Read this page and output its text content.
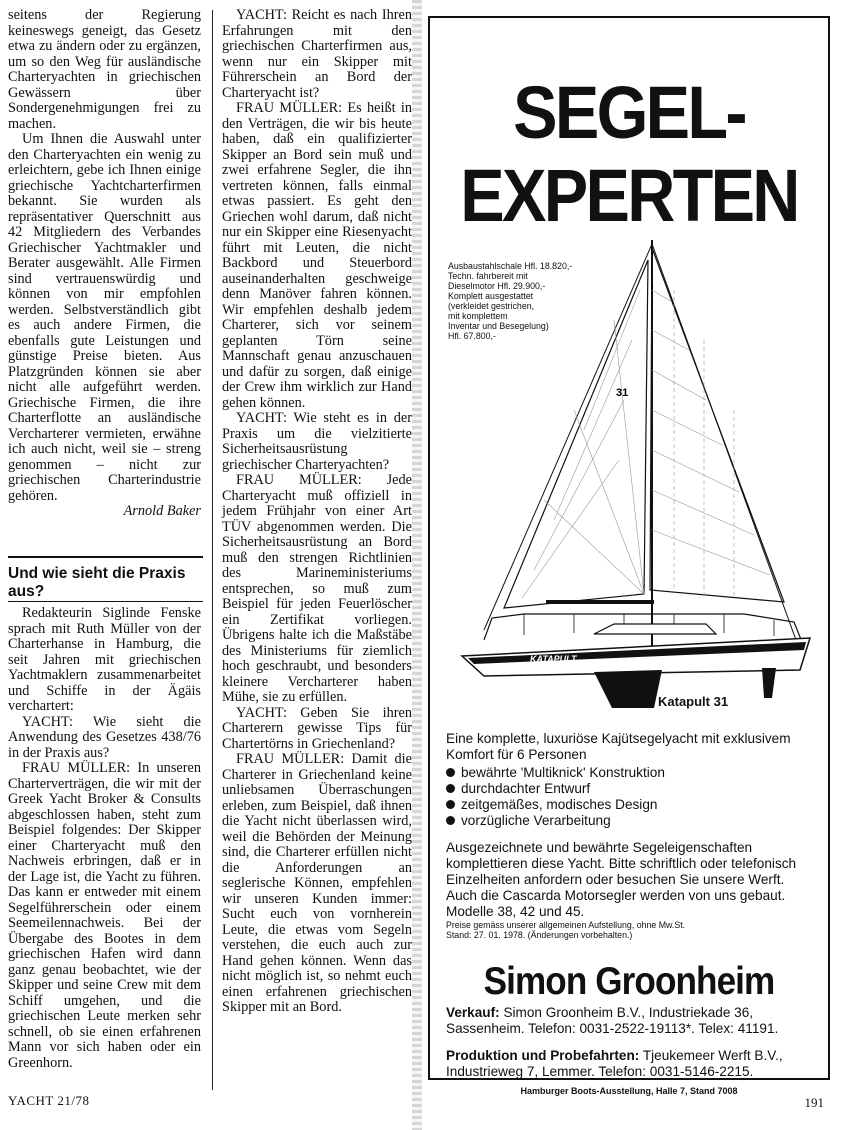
seitens der Regierung keineswegs geneigt, das Gesetz etwa zu ändern oder zu ergänzen, um so den Weg für ausländische Charteryachten in griechischen Gewässern über Sondergenehmigungen frei zu machen.

Um Ihnen die Auswahl unter den Charteryachten ein wenig zu erleichtern, gebe ich Ihnen einige griechische Yachtcharterfirmen bekannt. Sie wurden als repräsentativer Querschnitt aus 42 Mitgliedern des Verbandes Griechischer Yachtmakler und Berater ausgewählt. Alle Firmen sind vertrauenswürdig und können von mir empfohlen werden. Selbstverständlich gibt es auch andere Firmen, die ebenfalls gute Leistungen und günstige Preise bieten. Aus Platzgründen können sie aber nicht alle aufgeführt werden. Griechische Firmen, die ihre Charterflotte an ausländische Vercharterer vermieten, erwähne ich auch nicht, weil sie – streng genommen – nicht zur griechischen Charterindustrie gehören.

Arnold Baker
Und wie sieht die Praxis aus?

Redakteurin Siglinde Fenske sprach mit Ruth Müller von der Charterhanse in Hamburg, die seit Jahren mit griechischen Yachtmaklern zusammenarbeitet und Schiffe in der Ägäis verchartert:

YACHT: Wie sieht die Anwendung des Gesetzes 438/76 in der Praxis aus?

FRAU MÜLLER: In unseren Charterverträgen, die wir mit der Greek Yacht Broker & Consults abgeschlossen haben, steht zum Beispiel folgendes: Der Skipper einer Charteryacht muß den Nachweis erbringen, daß er in der Lage ist, die Yacht zu führen. Das kann er entweder mit einem Segelführerschein oder einem Seemeilennachweis. Bei der Übergabe des Bootes in dem griechischen Hafen wird dann ganz genau beobachtet, wie der Skipper und seine Crew mit dem Schiff umgehen, und die griechischen Leute merken sehr schnell, ob sie einen erfahrenen Mann vor sich haben oder ein Greenhorn.

YACHT: Reicht es nach Ihren Erfahrungen mit den griechischen Charterfirmen aus, wenn nur ein Skipper mit Führerschein an Bord der Charteryacht ist?

FRAU MÜLLER: Es heißt in den Verträgen, die wir bis heute haben, daß ein qualifizierter Skipper an Bord sein muß und zwei erfahrene Segler, die ihn vertreten können, falls einmal etwas passiert. Es geht den Griechen wohl darum, daß nicht nur ein Skipper eine Riesenyacht führt mit Leuten, die nicht Backbord und Steuerbord auseinanderhalten geschweige denn Manöver fahren können. Wir empfehlen deshalb jedem Charterer, sich vor seinem geplanten Törn seine Mannschaft genau anzuschauen und dafür zu sorgen, daß einige der Crew ihm wirklich zur Hand gehen können.

YACHT: Wie steht es in der Praxis um die vielzitierte Sicherheitsausrüstung griechischer Charteryachten?

FRAU MÜLLER: Jede Charteryacht muß offiziell in jedem Frühjahr von einer Art TÜV abgenommen werden. Die Sicherheitsausrüstung an Bord muß den strengen Richtlinien des Marineministeriums entsprechen, so muß zum Beispiel für jeden Feuerlöscher ein Zertifikat vorliegen. Übrigens halte ich die Maßstäbe des Ministeriums für ziemlich hoch geschraubt, und besonders kleinere Vercharterer haben Mühe, sie zu erfüllen.

YACHT: Geben Sie ihren Charterern gewisse Tips für Chartertörns in Griechenland?

FRAU MÜLLER: Damit die Charterer in Griechenland keine unliebsamen Überraschungen erleben, zum Beispiel, daß ihnen die Yacht nicht überlassen wird, weil die Behörden der Meinung sind, die Charterer erfüllen nicht die Anforderungen an seglerische Können, empfehlen wir unseren Kunden immer: Sucht euch von vornherein Leute, die etwas vom Segeln verstehen, die euch auch zur Hand gehen können. Wenn das nicht möglich ist, so nehmt euch einen erfahrenen griechischen Skipper mit an Bord.

SEGEL-
EXPERTEN
Ausbaustahlschale Hfl. 18.820,-
Techn. fahrbereit mit
Dieselmotor Hfl. 29.900,-
Komplett ausgestattet
(verkleidet gestrichen,
mit komplettem
Inventar und Besegelung)
Hfl. 67.800,-
31
KATAPULT
Katapult 31
Eine komplette, luxuriöse Kajütsegelyacht mit exklusivem Komfort für 6 Personen
bewährte 'Multiknick' Konstruktion
durchdachter Entwurf
zeitgemäßes, modisches Design
vorzügliche Verarbeitung
Ausgezeichnete und bewährte Segeleigenschaften komplettieren diese Yacht. Bitte schriftlich oder telefonisch Einzelheiten anfordern oder besuchen Sie unsere Werft. Auch die Cascarda Motorsegler werden von uns gebaut. Modelle 38, 42 und 45.
Preise gemäss unserer allgemeinen Aufstellung, ohne Mw.St.
Stand: 27. 01. 1978. (Änderungen vorbehalten.)
Simon Groonheim
Verkauf: Simon Groonheim B.V., Industriekade 36, Sassenheim. Telefon: 0031-2522-19113*. Telex: 41191.
Produktion und Probefahrten: Tjeukemeer Werft B.V., Industrieweg 7, Lemmer. Telefon: 0031-5146-2215.
Hamburger Boots-Ausstellung, Halle 7, Stand 7008
YACHT 21/78	191
